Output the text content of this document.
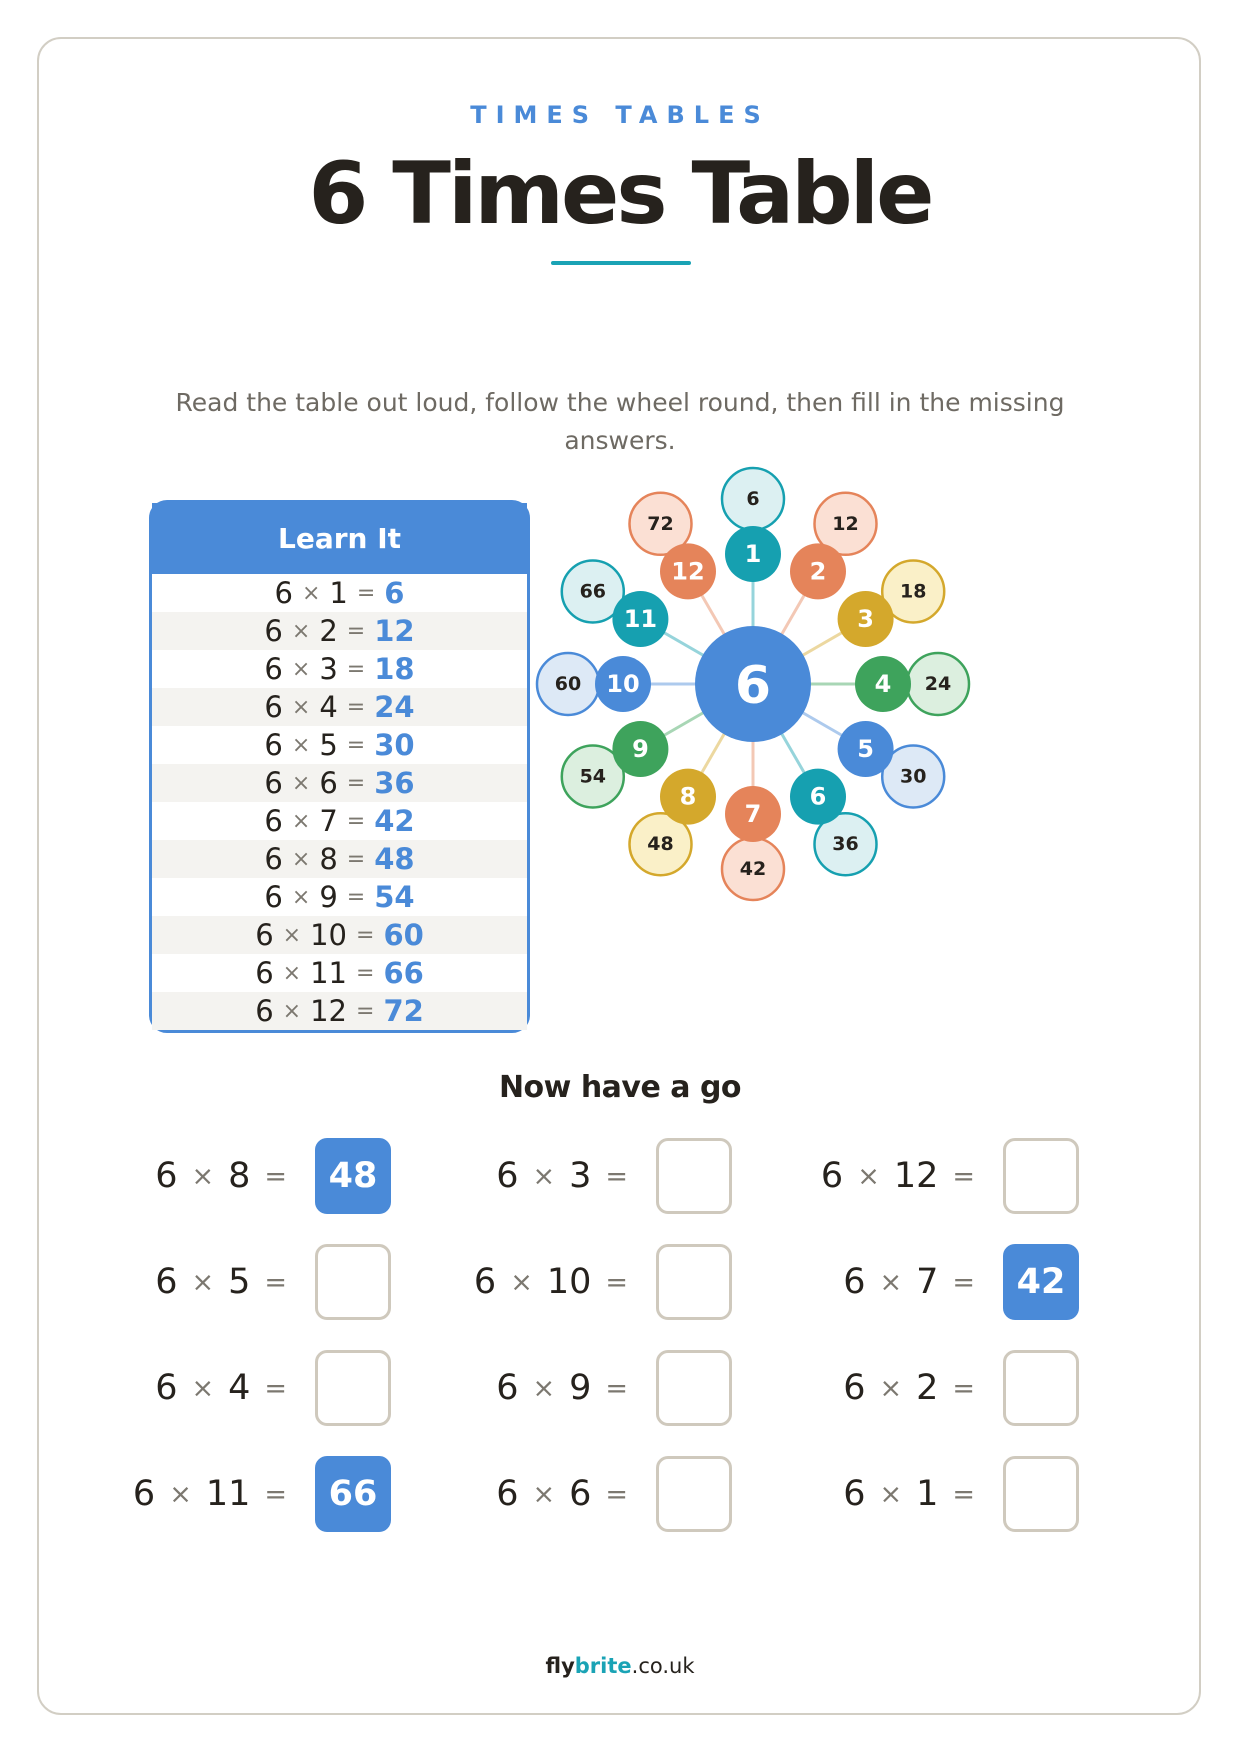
TIMES TABLES
6 Times Table
Read the table out loud, follow the wheel round, then fill in the missing answers.
Learn It
6 × 1 = 6
6 × 2 = 12
6 × 3 = 18
6 × 4 = 24
6 × 5 = 30
6 × 6 = 36
6 × 7 = 42
6 × 8 = 48
6 × 9 = 54
6 × 10 = 60
6 × 11 = 66
6 × 12 = 72
6
1
12
2
18
3
24
4
30
5
36
6
42
7
48
8
54
9
60 10
66
11
72
12
6
Now have a go
6 × 8 =	48
6 × 5 =
6 × 4 =
6 × 11 =	66
6 × 3 =
6 × 10 =
6 × 9 =
6 × 6 =
6 × 12 =
6 × 7 =	42
6 × 2 =
6 × 1 =
flybrite.co.uk
